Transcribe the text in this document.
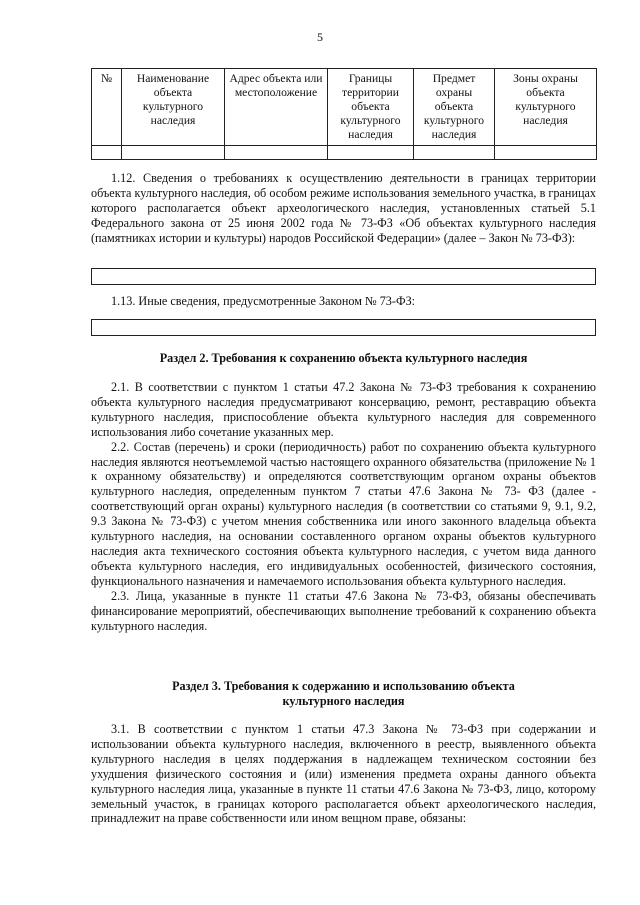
5
№	Наименование объекта культурного наследия	Адрес объекта или местоположение	Границы территории объекта культурного наследия	Предмет охраны объекта культурного наследия	Зоны охраны объекта культурного наследия

1.12. Сведения о требованиях к осуществлению деятельности в границах территории объекта культурного наследия, об особом режиме использования земельного участка, в границах которого располагается объект археологического наследия, установленных статьей 5.1 Федерального закона от 25 июня 2002 года № 73-ФЗ «Об объектах культурного наследия (памятниках истории и культуры) народов Российской Федерации» (далее – Закон № 73-ФЗ):

1.13. Иные сведения, предусмотренные Законом № 73-ФЗ:

Раздел 2. Требования к сохранению объекта культурного наследия

2.1. В соответствии с пунктом 1 статьи 47.2 Закона № 73-ФЗ требования к сохранению объекта культурного наследия предусматривают консервацию, ремонт, реставрацию объекта культурного наследия, приспособление объекта культурного наследия для современного использования либо сочетание указанных мер.

2.2. Состав (перечень) и сроки (периодичность) работ по сохранению объекта культурного наследия являются неотъемлемой частью настоящего охранного обязательства (приложение № 1 к охранному обязательству) и определяются соответствующим органом охраны объектов культурного наследия, определенным пунктом 7 статьи 47.6 Закона № 73- ФЗ (далее - соответствующий орган охраны) культурного наследия (в соответствии со статьями 9, 9.1, 9.2, 9.3 Закона № 73-ФЗ) с учетом мнения собственника или иного законного владельца объекта культурного наследия, на основании составленного органом охраны объектов культурного наследия акта технического состояния объекта культурного наследия, с учетом вида данного объекта культурного наследия, его индивидуальных особенностей, физического состояния, функционального назначения и намечаемого использования объекта культурного наследия.

2.3. Лица, указанные в пункте 11 статьи 47.6 Закона № 73-ФЗ, обязаны обеспечивать финансирование мероприятий, обеспечивающих выполнение требований к сохранению объекта культурного наследия.

Раздел 3. Требования к содержанию и использованию объекта
культурного наследия

3.1. В соответствии с пунктом 1 статьи 47.3 Закона № 73-ФЗ при содержании и использовании объекта культурного наследия, включенного в реестр, выявленного объекта культурного наследия в целях поддержания в надлежащем техническом состоянии без ухудшения физического состояния и (или) изменения предмета охраны данного объекта культурного наследия лица, указанные в пункте 11 статьи 47.6 Закона № 73-ФЗ, лицо, которому земельный участок, в границах которого располагается объект археологического наследия, принадлежит на праве собственности или ином вещном праве, обязаны:
